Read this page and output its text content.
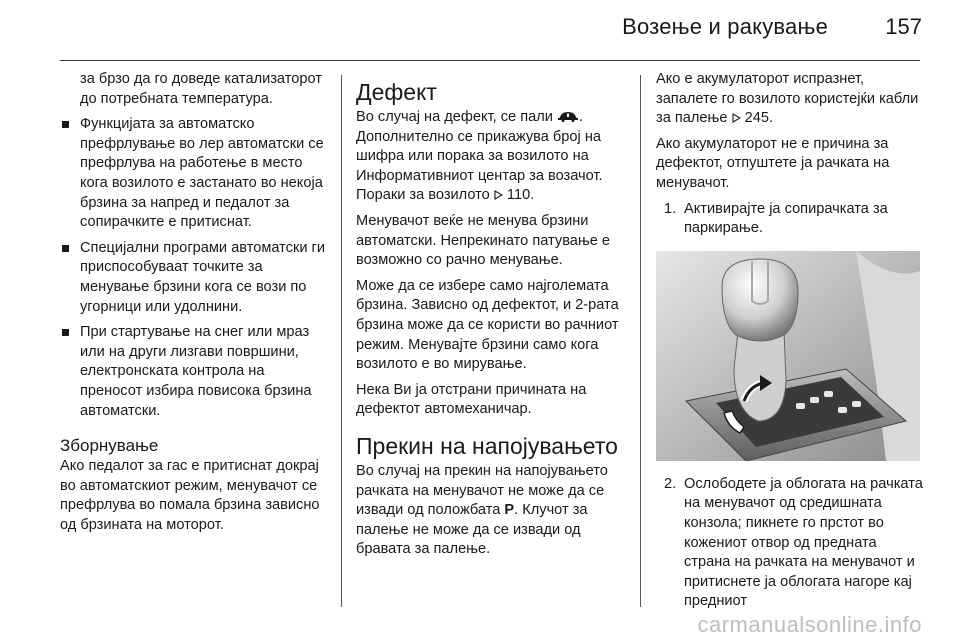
Возење и ракување	157

за брзо да го доведе катализаторот до потребната температура.

Функцијата за автоматско префрлување во лер автоматски се префрлува на работење в место кога возилото е застанато во некоја брзина за напред и педалот за сопирачките е притиснат.
Специјални програми автоматски ги приспособуваат точките за менување брзини кога се вози по угорници или удолнини.
При стартување на снег или мраз или на други лизгави површини, електронската контрола на преносот избира повисока брзина автоматски.
Зборнување

Ако педалот за гас е притиснат докрај во автоматскиот режим, менувачот се префрлува во помала брзина зависно од брзината на моторот.

Дефект

Во случај на дефект, се пали . Дополнително се прикажува број на шифра или порака за возилото на Информативниот центар за возачот. Пораки за возилото 110.

Менувачот веќе не менува брзини автоматски. Непрекинато патување е возможно со рачно менување.

Може да се избере само најголемата брзина. Зависно од дефектот, и 2-рата брзина може да се користи во рачниот режим. Менувајте брзини само кога возилото е во мирување.

Нека Ви ја отстрани причината на дефектот автомеханичар.

Прекин на напојувањето

Во случај на прекин на напојувањето рачката на менувачот не може да се извади од положбата P. Клучот за палење не може да се извади од бравата за палење.

Ако е акумулаторот испразнет, запалете го возилото користејќи кабли за палење 245.

Ако акумулаторот не е причина за дефектот, отпуштете ја рачката на менувачот.

1. Активирајте ја сопирачката за паркирање.
2. Ослободете ја облогата на рачката на менувачот од средишната конзола; пикнете го прстот во кожениот отвор од предната страна на рачката на менувачот и притиснете ја облогата нагоре кај предниот
carmanualsonline.info
